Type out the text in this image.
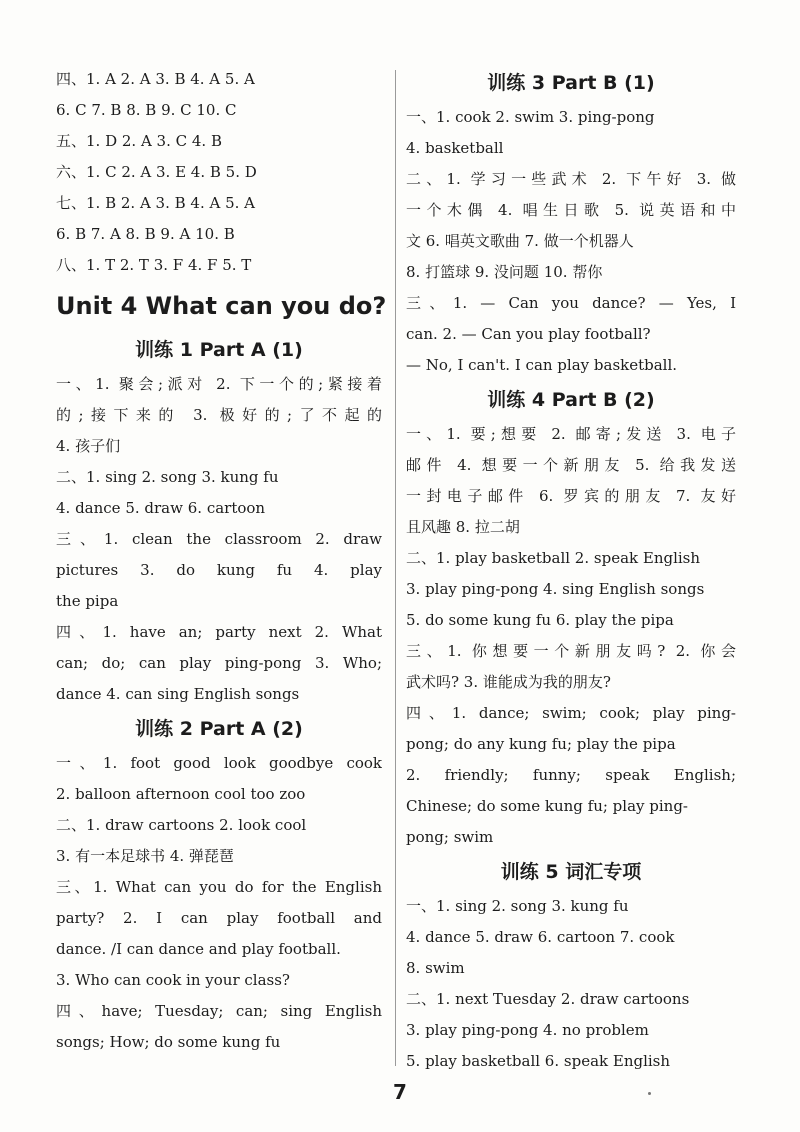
四、1. A 2. A 3. B 4. A 5. A
6. C 7. B 8. B 9. C 10. C
五、1. D 2. A 3. C 4. B
六、1. C 2. A 3. E 4. B 5. D
七、1. B 2. A 3. B 4. A 5. A
6. B 7. A 8. B 9. A 10. B
八、1. T 2. T 3. F 4. F 5. T
Unit 4 What can you do?
训练 1 Part A (1)
一、1. 聚会;派对 2. 下一个的;紧接着
的;接下来的 3. 极好的;了不起的
4. 孩子们
二、1. sing 2. song 3. kung fu
4. dance 5. draw 6. cartoon
三、1. clean the classroom 2. draw
pictures 3. do kung fu 4. play
the pipa
四、1. have an; party next 2. What
can; do; can play ping-pong 3. Who;
dance 4. can sing English songs
训练 2 Part A (2)
一、1. foot good look goodbye cook
2. balloon afternoon cool too zoo
二、1. draw cartoons 2. look cool
3. 有一本足球书 4. 弹琵琶
三、1. What can you do for the English
party? 2. I can play football and
dance. /I can dance and play football.
3. Who can cook in your class?
四、have; Tuesday; can; sing English
songs; How; do some kung fu
训练 3 Part B (1)
一、1. cook 2. swim 3. ping-pong
4. basketball
二、1. 学习一些武术 2. 下午好 3. 做
一个木偶 4. 唱生日歌 5. 说英语和中
文 6. 唱英文歌曲 7. 做一个机器人
8. 打篮球 9. 没问题 10. 帮你
三、1. — Can you dance? — Yes, I
can. 2. — Can you play football?
— No, I can't. I can play basketball.
训练 4 Part B (2)
一、1. 要;想要 2. 邮寄;发送 3. 电子
邮件 4. 想要一个新朋友 5. 给我发送
一封电子邮件 6. 罗宾的朋友 7. 友好
且风趣 8. 拉二胡
二、1. play basketball 2. speak English
3. play ping-pong 4. sing English songs
5. do some kung fu 6. play the pipa
三、1. 你想要一个新朋友吗? 2. 你会
武术吗? 3. 谁能成为我的朋友?
四、1. dance; swim; cook; play ping-
pong; do any kung fu; play the pipa
2. friendly; funny; speak English;
Chinese; do some kung fu; play ping-
pong; swim
训练 5 词汇专项
一、1. sing 2. song 3. kung fu
4. dance 5. draw 6. cartoon 7. cook
8. swim
二、1. next Tuesday 2. draw cartoons
3. play ping-pong 4. no problem
5. play basketball 6. speak English
7
